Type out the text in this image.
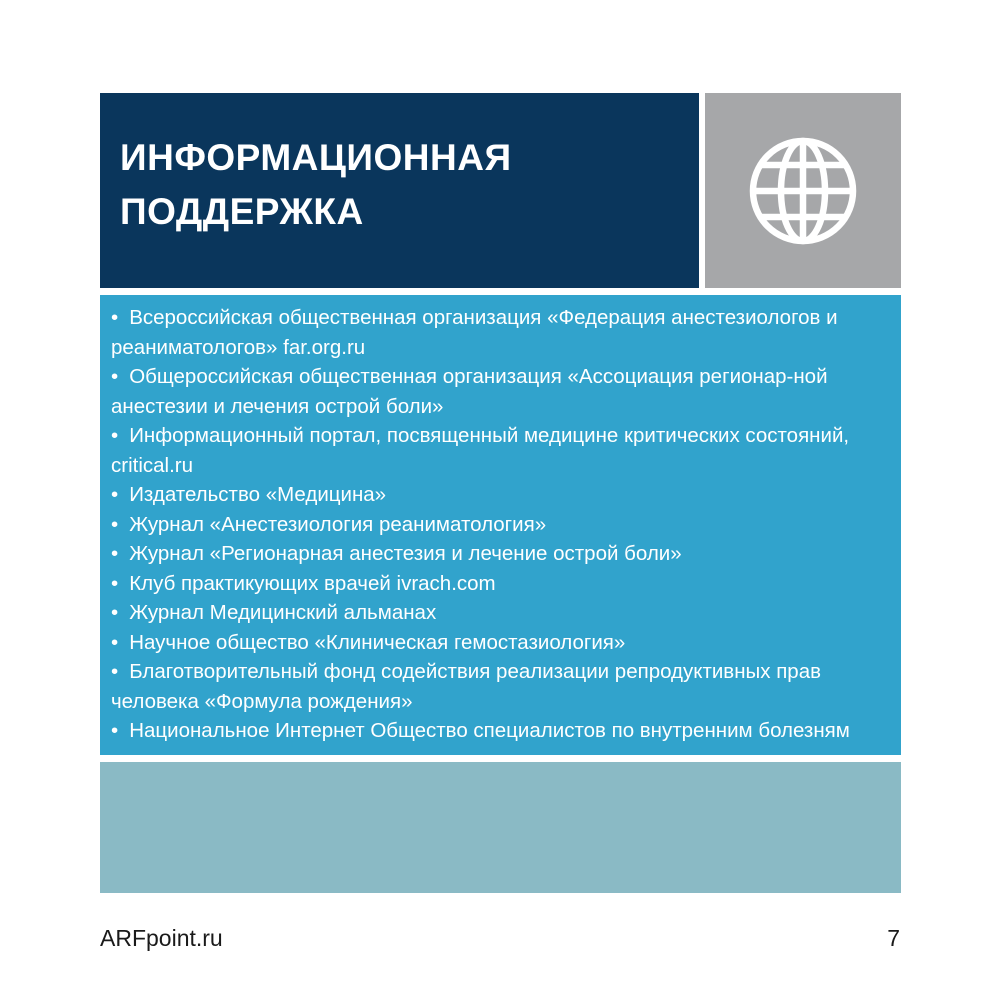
ИНФОРМАЦИОННАЯ
ПОДДЕРЖКА
• Всероссийская общественная организация «Федерация анестезиологов и реаниматологов» far.org.ru
• Общероссийская общественная организация «Ассоциация регионар-ной анестезии и лечения острой боли»
• Информационный портал, посвященный медицине критических состояний, critical.ru
• Издательство «Медицина»
• Журнал «Анестезиология реаниматология»
• Журнал «Регионарная анестезия и лечение острой боли»
• Клуб практикующих врачей ivrach.com
• Журнал Медицинский альманах
• Научное общество «Клиническая гемостазиология»
• Благотворительный фонд содействия реализации репродуктивных прав человека «Формула рождения»
• Национальное Интернет Общество специалистов по внутренним болезням
ARFpoint.ru	7
